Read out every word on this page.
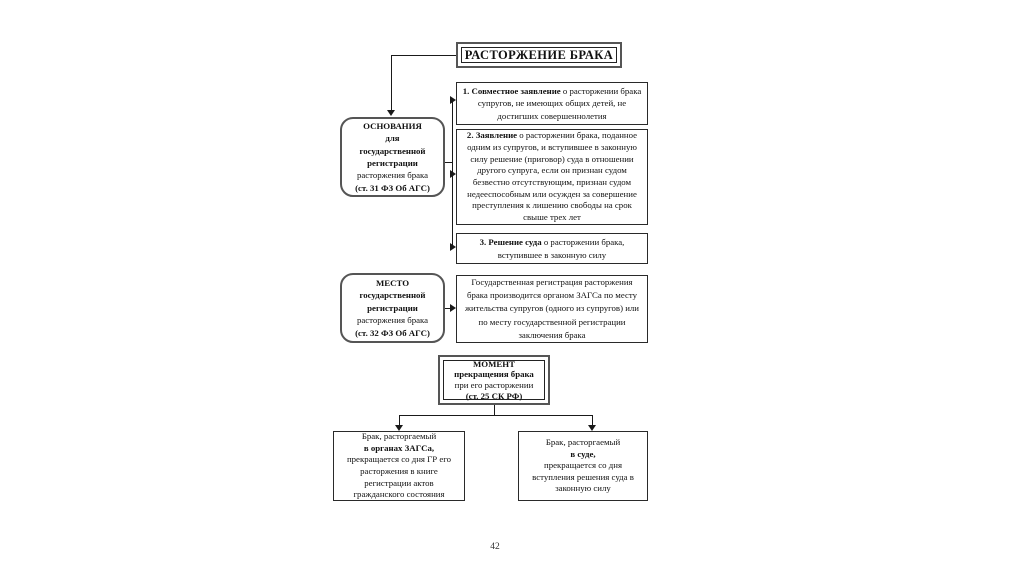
РАСТОРЖЕНИЕ БРАКА
ОСНОВАНИЯ
для
государственной
регистрации
расторжения брака
(ст. 31 ФЗ Об АГС)
1. Совместное заявление о расторжении брака супругов, не имеющих общих детей, не достигших совершеннолетия
2. Заявление о расторжении брака, поданное одним из супругов, и вступившее в законную силу решение (приговор) суда в отношении другого супруга, если он признан судом безвестно отсутствующим, признан судом недееспособным или осужден за совершение преступления к лишению свободы на срок свыше трех лет
3. Решение суда о расторжении брака, вступившее в законную силу
МЕСТО
государственной
регистрации
расторжения брака
(ст. 32 ФЗ Об АГС)
Государственная регистрация расторжения брака производится органом ЗАГСа по месту жительства супругов (одного из супругов) или по месту государственной регистрации заключения брака
МОМЕНТ
прекращения брака
при его расторжении
(ст. 25 СК РФ)
Брак, расторгаемый
в органах ЗАГСа,
прекращается со дня ГР его расторжения в книге регистрации актов гражданского состояния
Брак, расторгаемый
в суде,
прекращается со дня вступления решения суда в законную силу
42
